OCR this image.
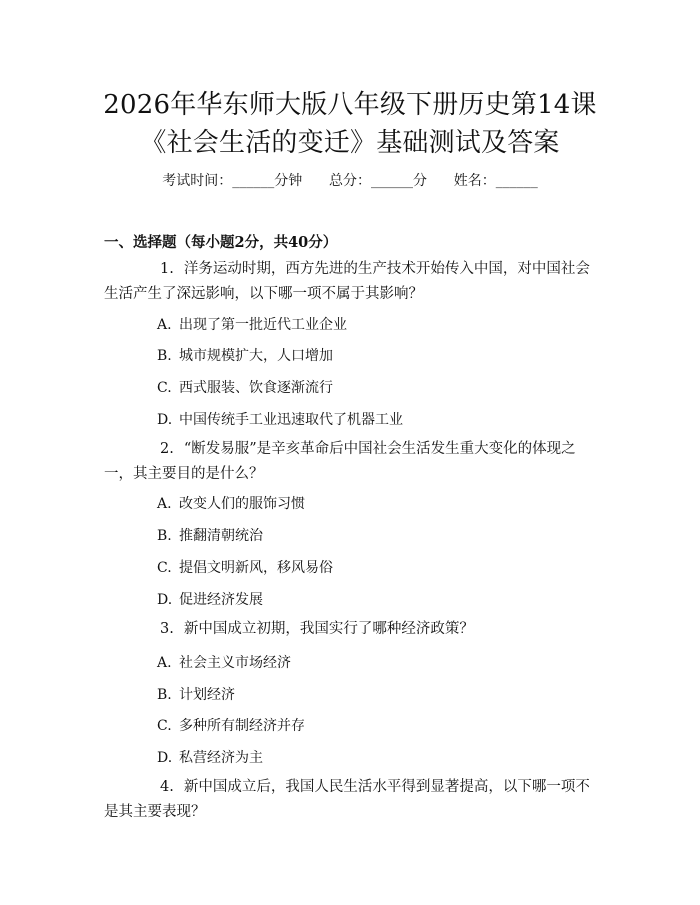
2026年华东师大版八年级下册历史第14课
《社会生活的变迁》基础测试及答案
考试时间：______分钟      总分：______分      姓名：______
一、选择题（每小题2分，共40分）
1. 洋务运动时期，西方先进的生产技术开始传入中国，对中国社会生活产生了深远影响，以下哪一项不属于其影响？
A. 出现了第一批近代工业企业
B. 城市规模扩大，人口增加
C. 西式服装、饮食逐渐流行
D. 中国传统手工业迅速取代了机器工业
2. “断发易服”是辛亥革命后中国社会生活发生重大变化的体现之一，其主要目的是什么？
A. 改变人们的服饰习惯
B. 推翻清朝统治
C. 提倡文明新风，移风易俗
D. 促进经济发展
3. 新中国成立初期，我国实行了哪种经济政策？
A. 社会主义市场经济
B. 计划经济
C. 多种所有制经济并存
D. 私营经济为主
4. 新中国成立后，我国人民生活水平得到显著提高，以下哪一项不是其主要表现？
